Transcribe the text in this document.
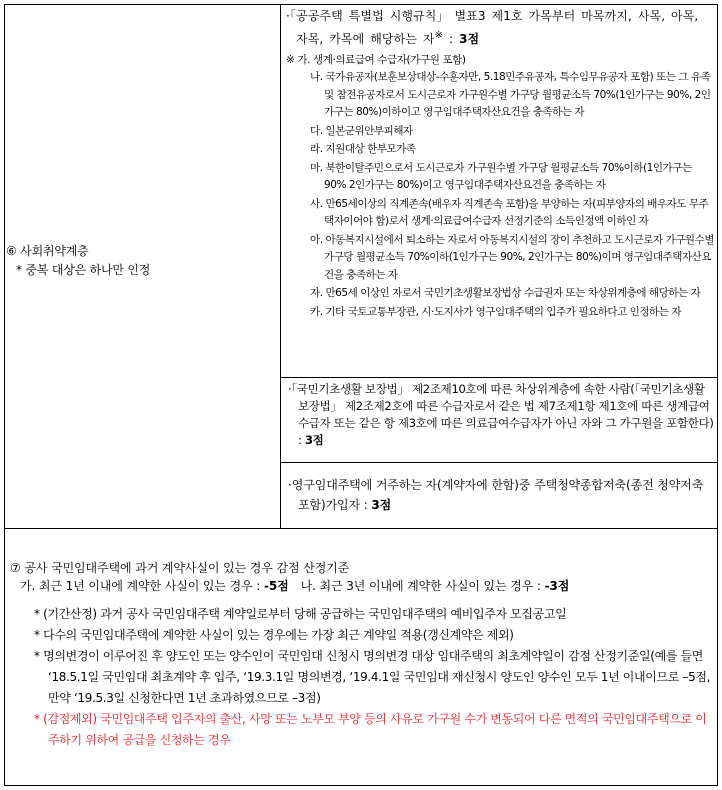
⑥ 사회취약계층
* 중복 대상은 하나만 인정
·「공공주택 특별법 시행규칙」 별표3 제1호 가목부터 마목까지, 사목, 아목, 자목, 카목에 해당하는 자※ : 3점
※ 가. 생계·의료급여 수급자(가구원 포함)
나. 국가유공자(보훈보상대상-수훈자만, 5.18민주유공자, 특수임무유공자 포함) 또는 그 유족 및 참전유공자로서 도시근로자 가구원수별 가구당 월평균소득 70%(1인가구는 90%, 2인가구는 80%)이하이고 영구임대주택자산요건을 충족하는 자
다. 일본군위안부피해자
라. 지원대상 한부모가족
마. 북한이탈주민으로서 도시근로자 가구원수별 가구당 월평균소득 70%이하(1인가구는 90% 2인가구는 80%)이고 영구임대주택자산요건을 충족하는 자
사. 만65세이상의 직계존속(배우자 직계존속 포함)을 부양하는 자(피부양자의 배우자도 무주택자이어야 함)로서 생계·의료급여수급자 선정기준의 소득인정액 이하인 자
아. 아동복지시설에서 퇴소하는 자로서 아동복지시설의 장이 추천하고 도시근로자 가구원수별 가구당 월평균소득 70%이하(1인가구는 90%, 2인가구는 80%)이며 영구임대주택자산요건을 충족하는 자
자. 만65세 이상인 자로서 국민기초생활보장법상 수급권자 또는 차상위계층에 해당하는 자
카. 기타 국토교통부장관, 시·도지사가 영구임대주택의 입주가 필요하다고 인정하는 자
·「국민기초생활 보장법」 제2조제10호에 따른 차상위계층에 속한 사람(「국민기초생활 보장법」 제2조제2호에 따른 수급자로서 같은 법 제7조제1항 제1호에 따른 생계급여 수급자 또는 같은 항 제3호에 따른 의료급여수급자가 아닌 자와 그 가구원을 포함한다) : 3점
·영구임대주택에 거주하는 자(계약자에 한함)중 주택청약종합저축(종전 청약저축 포함)가입자 : 3점
⑦ 공사 국민임대주택에 과거 계약사실이 있는 경우 감점 산정기준
가. 최근 1년 이내에 계약한 사실이 있는 경우 : -5점 나. 최근 3년 이내에 계약한 사실이 있는 경우 : -3점
* (기간산정) 과거 공사 국민임대주택 계약일로부터 당해 공급하는 국민임대주택의 예비입주자 모집공고일
* 다수의 국민임대주택에 계약한 사실이 있는 경우에는 가장 최근 계약일 적용(갱신계약은 제외)
* 명의변경이 이루어진 후 양도인 또는 양수인이 국민임대 신청시 명의변경 대상 임대주택의 최초계약일이 감점 산정기준일(예를 들면 ‘18.5.1일 국민임대 최초계약 후 입주, ‘19.3.1일 명의변경, ‘19.4.1일 국민임대 재신청시 양도인 양수인 모두 1년 이내이므로 –5점, 만약 ‘19.5.3일 신청한다면 1년 초과하였으므로 –3점)
* (감점제외) 국민임대주택 입주자의 출산, 사망 또는 노부모 부양 등의 사유로 가구원 수가 변동되어 다른 면적의 국민임대주택으로 이주하기 위하여 공급을 신청하는 경우
